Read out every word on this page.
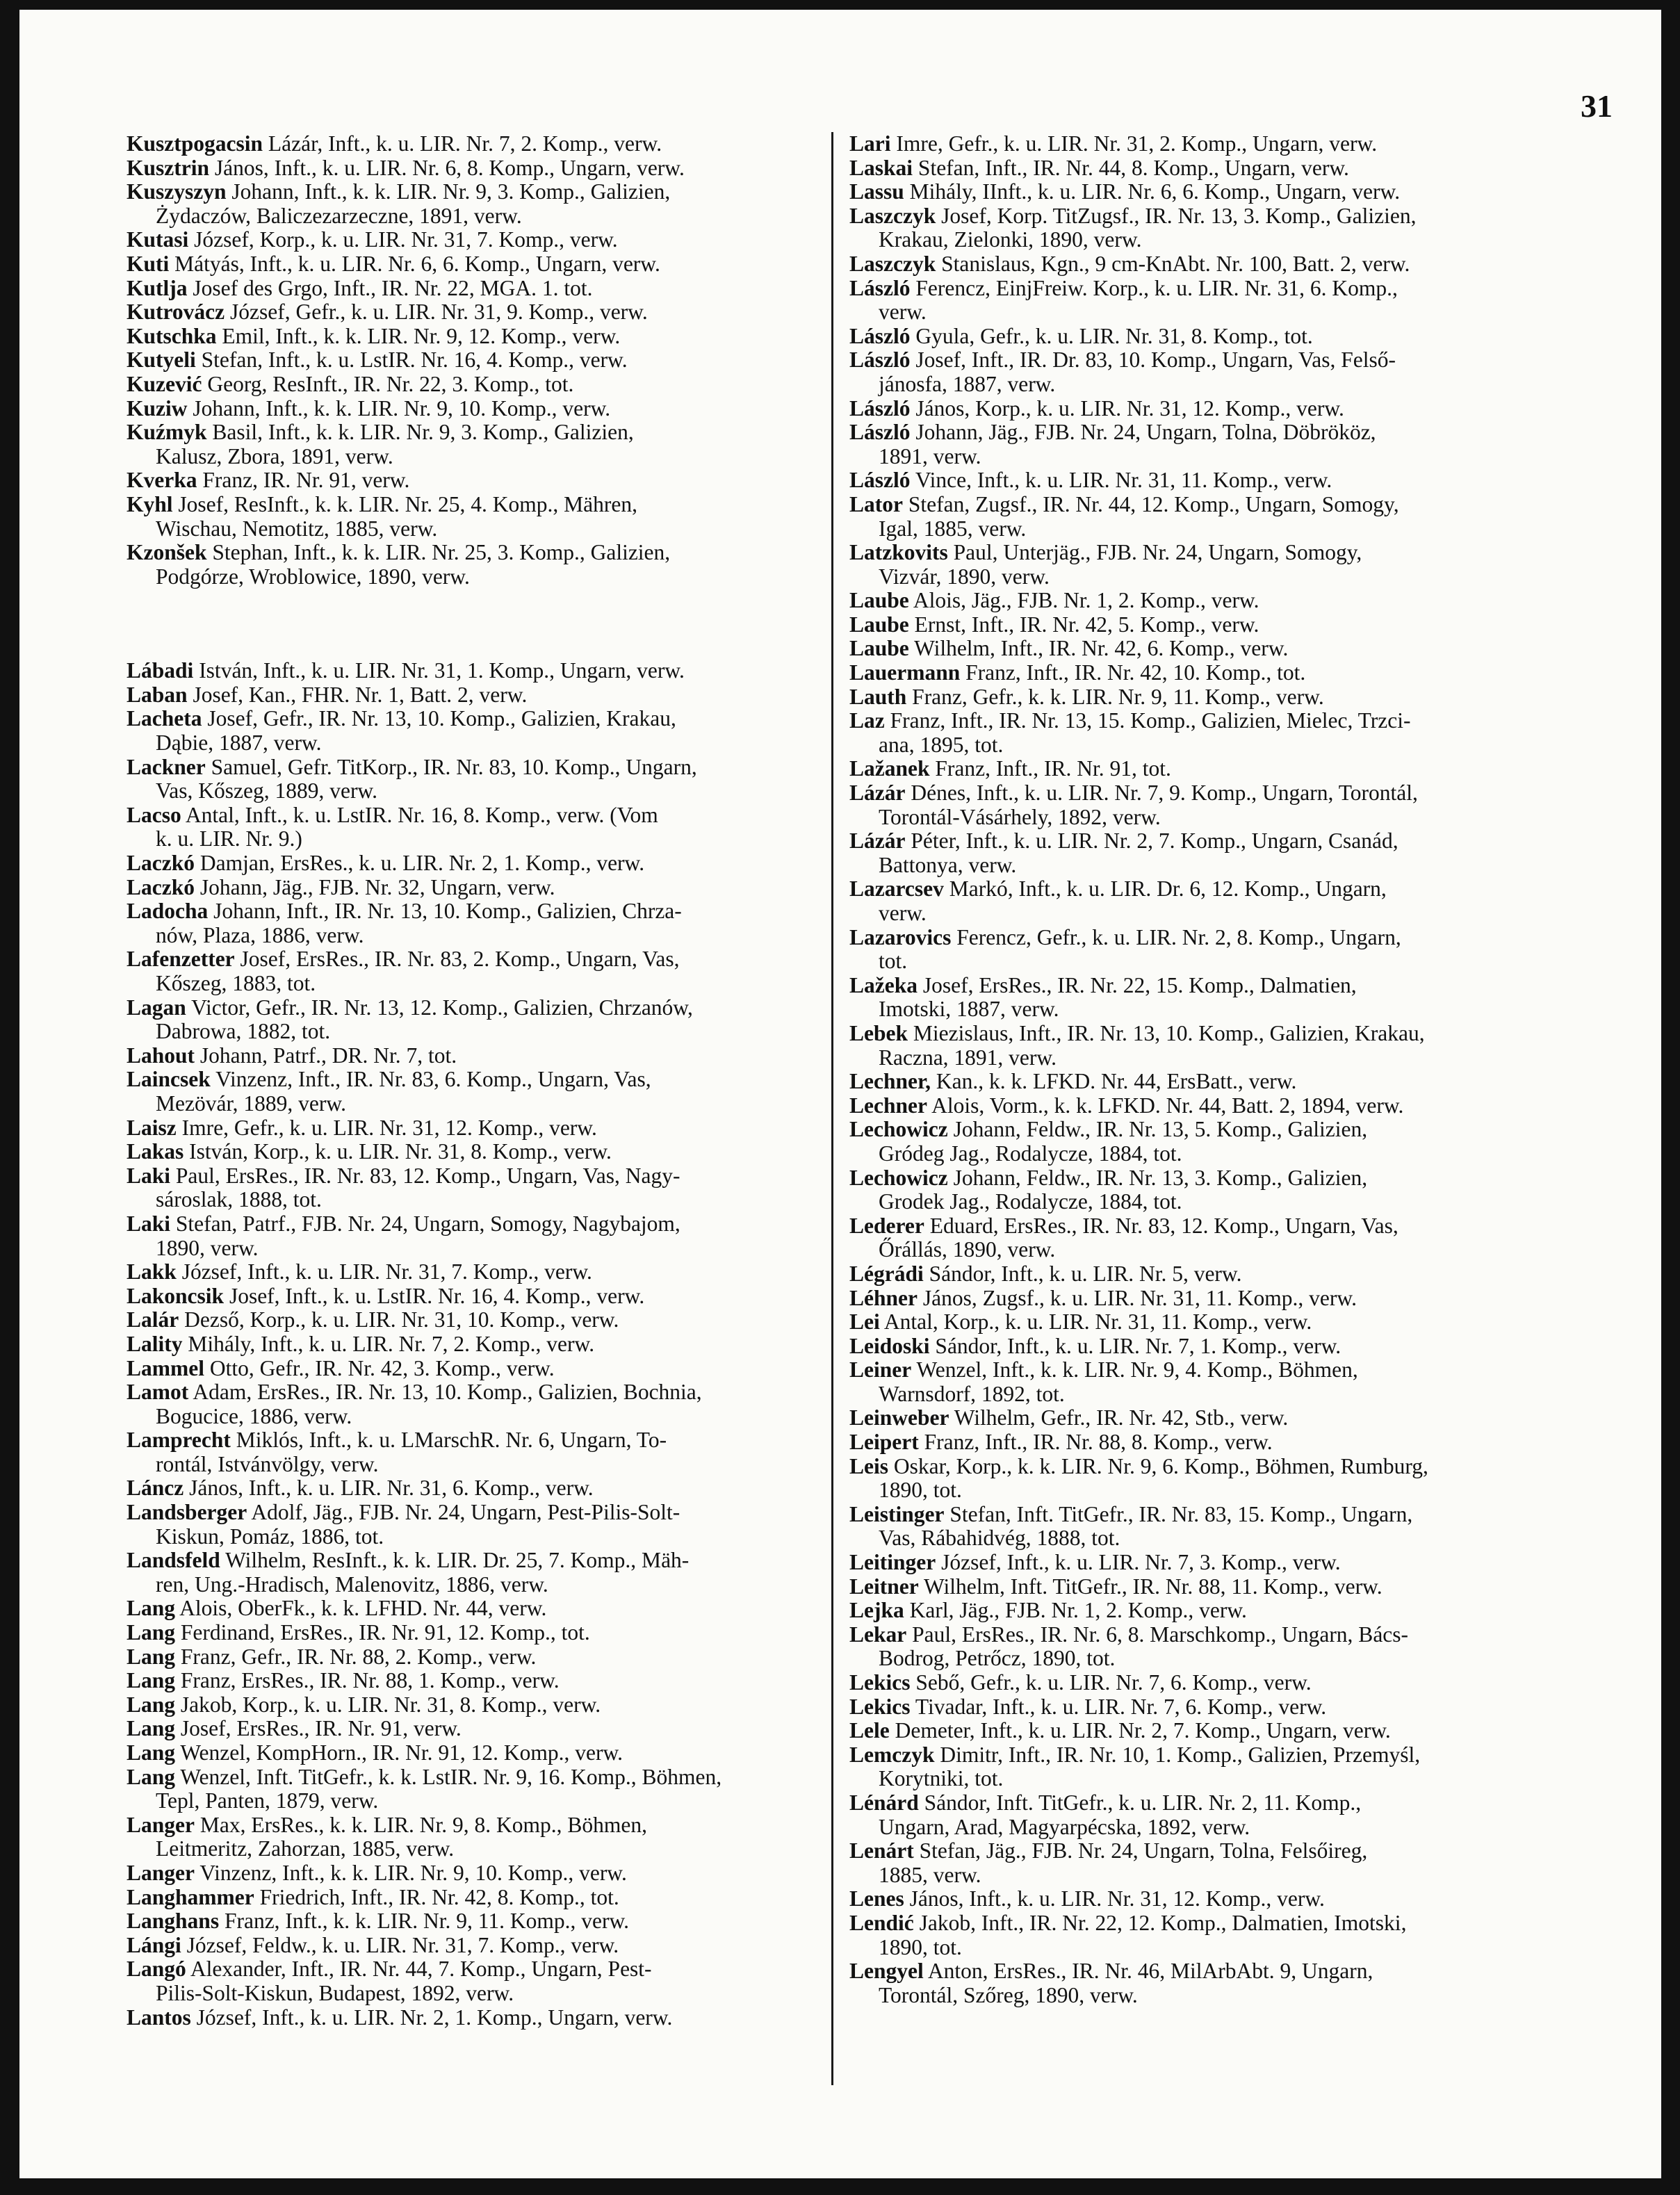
31
Kusztpogacsin Lázár, Inft., k. u. LIR. Nr. 7, 2. Komp., verw.
Kusztrin János, Inft., k. u. LIR. Nr. 6, 8. Komp., Ungarn, verw.
Kuszyszyn Johann, Inft., k. k. LIR. Nr. 9, 3. Komp., Galizien,
Żydaczów, Baliczezarzeczne, 1891, verw.
Kutasi József, Korp., k. u. LIR. Nr. 31, 7. Komp., verw.
Kuti Mátyás, Inft., k. u. LIR. Nr. 6, 6. Komp., Ungarn, verw.
Kutlja Josef des Grgo, Inft., IR. Nr. 22, MGA. 1. tot.
Kutrovácz József, Gefr., k. u. LIR. Nr. 31, 9. Komp., verw.
Kutschka Emil, Inft., k. k. LIR. Nr. 9, 12. Komp., verw.
Kutyeli Stefan, Inft., k. u. LstIR. Nr. 16, 4. Komp., verw.
Kuzević Georg, ResInft., IR. Nr. 22, 3. Komp., tot.
Kuziw Johann, Inft., k. k. LIR. Nr. 9, 10. Komp., verw.
Kuźmyk Basil, Inft., k. k. LIR. Nr. 9, 3. Komp., Galizien,
Kalusz, Zbora, 1891, verw.
Kverka Franz, IR. Nr. 91, verw.
Kyhl Josef, ResInft., k. k. LIR. Nr. 25, 4. Komp., Mähren,
Wischau, Nemotitz, 1885, verw.
Kzonšek Stephan, Inft., k. k. LIR. Nr. 25, 3. Komp., Galizien,
Podgórze, Wroblowice, 1890, verw.
Lábadi István, Inft., k. u. LIR. Nr. 31, 1. Komp., Ungarn, verw.
Laban Josef, Kan., FHR. Nr. 1, Batt. 2, verw.
Lacheta Josef, Gefr., IR. Nr. 13, 10. Komp., Galizien, Krakau,
Dąbie, 1887, verw.
Lackner Samuel, Gefr. TitKorp., IR. Nr. 83, 10. Komp., Ungarn,
Vas, Kőszeg, 1889, verw.
Lacso Antal, Inft., k. u. LstIR. Nr. 16, 8. Komp., verw. (Vom
k. u. LIR. Nr. 9.)
Laczkó Damjan, ErsRes., k. u. LIR. Nr. 2, 1. Komp., verw.
Laczkó Johann, Jäg., FJB. Nr. 32, Ungarn, verw.
Ladocha Johann, Inft., IR. Nr. 13, 10. Komp., Galizien, Chrza-
nów, Plaza, 1886, verw.
Lafenzetter Josef, ErsRes., IR. Nr. 83, 2. Komp., Ungarn, Vas,
Kőszeg, 1883, tot.
Lagan Victor, Gefr., IR. Nr. 13, 12. Komp., Galizien, Chrzanów,
Dabrowa, 1882, tot.
Lahout Johann, Patrf., DR. Nr. 7, tot.
Laincsek Vinzenz, Inft., IR. Nr. 83, 6. Komp., Ungarn, Vas,
Mezövár, 1889, verw.
Laisz Imre, Gefr., k. u. LIR. Nr. 31, 12. Komp., verw.
Lakas István, Korp., k. u. LIR. Nr. 31, 8. Komp., verw.
Laki Paul, ErsRes., IR. Nr. 83, 12. Komp., Ungarn, Vas, Nagy-
sároslak, 1888, tot.
Laki Stefan, Patrf., FJB. Nr. 24, Ungarn, Somogy, Nagybajom,
1890, verw.
Lakk József, Inft., k. u. LIR. Nr. 31, 7. Komp., verw.
Lakoncsik Josef, Inft., k. u. LstIR. Nr. 16, 4. Komp., verw.
Lalár Dezső, Korp., k. u. LIR. Nr. 31, 10. Komp., verw.
Lality Mihály, Inft., k. u. LIR. Nr. 7, 2. Komp., verw.
Lammel Otto, Gefr., IR. Nr. 42, 3. Komp., verw.
Lamot Adam, ErsRes., IR. Nr. 13, 10. Komp., Galizien, Bochnia,
Bogucice, 1886, verw.
Lamprecht Miklós, Inft., k. u. LMarschR. Nr. 6, Ungarn, To-
rontál, Istvánvölgy, verw.
Láncz János, Inft., k. u. LIR. Nr. 31, 6. Komp., verw.
Landsberger Adolf, Jäg., FJB. Nr. 24, Ungarn, Pest-Pilis-Solt-
Kiskun, Pomáz, 1886, tot.
Landsfeld Wilhelm, ResInft., k. k. LIR. Dr. 25, 7. Komp., Mäh-
ren, Ung.-Hradisch, Malenovitz, 1886, verw.
Lang Alois, OberFk., k. k. LFHD. Nr. 44, verw.
Lang Ferdinand, ErsRes., IR. Nr. 91, 12. Komp., tot.
Lang Franz, Gefr., IR. Nr. 88, 2. Komp., verw.
Lang Franz, ErsRes., IR. Nr. 88, 1. Komp., verw.
Lang Jakob, Korp., k. u. LIR. Nr. 31, 8. Komp., verw.
Lang Josef, ErsRes., IR. Nr. 91, verw.
Lang Wenzel, KompHorn., IR. Nr. 91, 12. Komp., verw.
Lang Wenzel, Inft. TitGefr., k. k. LstIR. Nr. 9, 16. Komp., Böhmen,
Tepl, Panten, 1879, verw.
Langer Max, ErsRes., k. k. LIR. Nr. 9, 8. Komp., Böhmen,
Leitmeritz, Zahorzan, 1885, verw.
Langer Vinzenz, Inft., k. k. LIR. Nr. 9, 10. Komp., verw.
Langhammer Friedrich, Inft., IR. Nr. 42, 8. Komp., tot.
Langhans Franz, Inft., k. k. LIR. Nr. 9, 11. Komp., verw.
Lángi József, Feldw., k. u. LIR. Nr. 31, 7. Komp., verw.
Langó Alexander, Inft., IR. Nr. 44, 7. Komp., Ungarn, Pest-
Pilis-Solt-Kiskun, Budapest, 1892, verw.
Lantos József, Inft., k. u. LIR. Nr. 2, 1. Komp., Ungarn, verw.
Lari Imre, Gefr., k. u. LIR. Nr. 31, 2. Komp., Ungarn, verw.
Laskai Stefan, Inft., IR. Nr. 44, 8. Komp., Ungarn, verw.
Lassu Mihály, IInft., k. u. LIR. Nr. 6, 6. Komp., Ungarn, verw.
Laszczyk Josef, Korp. TitZugsf., IR. Nr. 13, 3. Komp., Galizien,
Krakau, Zielonki, 1890, verw.
Laszczyk Stanislaus, Kgn., 9 cm-KnAbt. Nr. 100, Batt. 2, verw.
László Ferencz, EinjFreiw. Korp., k. u. LIR. Nr. 31, 6. Komp.,
verw.
László Gyula, Gefr., k. u. LIR. Nr. 31, 8. Komp., tot.
László Josef, Inft., IR. Dr. 83, 10. Komp., Ungarn, Vas, Felső-
jánosfa, 1887, verw.
László János, Korp., k. u. LIR. Nr. 31, 12. Komp., verw.
László Johann, Jäg., FJB. Nr. 24, Ungarn, Tolna, Döbrököz,
1891, verw.
László Vince, Inft., k. u. LIR. Nr. 31, 11. Komp., verw.
Lator Stefan, Zugsf., IR. Nr. 44, 12. Komp., Ungarn, Somogy,
Igal, 1885, verw.
Latzkovits Paul, Unterjäg., FJB. Nr. 24, Ungarn, Somogy,
Vizvár, 1890, verw.
Laube Alois, Jäg., FJB. Nr. 1, 2. Komp., verw.
Laube Ernst, Inft., IR. Nr. 42, 5. Komp., verw.
Laube Wilhelm, Inft., IR. Nr. 42, 6. Komp., verw.
Lauermann Franz, Inft., IR. Nr. 42, 10. Komp., tot.
Lauth Franz, Gefr., k. k. LIR. Nr. 9, 11. Komp., verw.
Laz Franz, Inft., IR. Nr. 13, 15. Komp., Galizien, Mielec, Trzci-
ana, 1895, tot.
Lažanek Franz, Inft., IR. Nr. 91, tot.
Lázár Dénes, Inft., k. u. LIR. Nr. 7, 9. Komp., Ungarn, Torontál,
Torontál-Vásárhely, 1892, verw.
Lázár Péter, Inft., k. u. LIR. Nr. 2, 7. Komp., Ungarn, Csanád,
Battonya, verw.
Lazarcsev Markó, Inft., k. u. LIR. Dr. 6, 12. Komp., Ungarn,
verw.
Lazarovics Ferencz, Gefr., k. u. LIR. Nr. 2, 8. Komp., Ungarn,
tot.
Lažeka Josef, ErsRes., IR. Nr. 22, 15. Komp., Dalmatien,
Imotski, 1887, verw.
Lebek Miezislaus, Inft., IR. Nr. 13, 10. Komp., Galizien, Krakau,
Raczna, 1891, verw.
Lechner, Kan., k. k. LFKD. Nr. 44, ErsBatt., verw.
Lechner Alois, Vorm., k. k. LFKD. Nr. 44, Batt. 2, 1894, verw.
Lechowicz Johann, Feldw., IR. Nr. 13, 5. Komp., Galizien,
Gródeg Jag., Rodalycze, 1884, tot.
Lechowicz Johann, Feldw., IR. Nr. 13, 3. Komp., Galizien,
Grodek Jag., Rodalycze, 1884, tot.
Lederer Eduard, ErsRes., IR. Nr. 83, 12. Komp., Ungarn, Vas,
Őrállás, 1890, verw.
Légrádi Sándor, Inft., k. u. LIR. Nr. 5, verw.
Léhner János, Zugsf., k. u. LIR. Nr. 31, 11. Komp., verw.
Lei Antal, Korp., k. u. LIR. Nr. 31, 11. Komp., verw.
Leidoski Sándor, Inft., k. u. LIR. Nr. 7, 1. Komp., verw.
Leiner Wenzel, Inft., k. k. LIR. Nr. 9, 4. Komp., Böhmen,
Warnsdorf, 1892, tot.
Leinweber Wilhelm, Gefr., IR. Nr. 42, Stb., verw.
Leipert Franz, Inft., IR. Nr. 88, 8. Komp., verw.
Leis Oskar, Korp., k. k. LIR. Nr. 9, 6. Komp., Böhmen, Rumburg,
1890, tot.
Leistinger Stefan, Inft. TitGefr., IR. Nr. 83, 15. Komp., Ungarn,
Vas, Rábahidvég, 1888, tot.
Leitinger József, Inft., k. u. LIR. Nr. 7, 3. Komp., verw.
Leitner Wilhelm, Inft. TitGefr., IR. Nr. 88, 11. Komp., verw.
Lejka Karl, Jäg., FJB. Nr. 1, 2. Komp., verw.
Lekar Paul, ErsRes., IR. Nr. 6, 8. Marschkomp., Ungarn, Bács-
Bodrog, Petrőcz, 1890, tot.
Lekics Sebő, Gefr., k. u. LIR. Nr. 7, 6. Komp., verw.
Lekics Tivadar, Inft., k. u. LIR. Nr. 7, 6. Komp., verw.
Lele Demeter, Inft., k. u. LIR. Nr. 2, 7. Komp., Ungarn, verw.
Lemczyk Dimitr, Inft., IR. Nr. 10, 1. Komp., Galizien, Przemyśl,
Korytniki, tot.
Lénárd Sándor, Inft. TitGefr., k. u. LIR. Nr. 2, 11. Komp.,
Ungarn, Arad, Magyarpécska, 1892, verw.
Lenárt Stefan, Jäg., FJB. Nr. 24, Ungarn, Tolna, Felsőireg,
1885, verw.
Lenes János, Inft., k. u. LIR. Nr. 31, 12. Komp., verw.
Lendić Jakob, Inft., IR. Nr. 22, 12. Komp., Dalmatien, Imotski,
1890, tot.
Lengyel Anton, ErsRes., IR. Nr. 46, MilArbAbt. 9, Ungarn,
Torontál, Szőreg, 1890, verw.
